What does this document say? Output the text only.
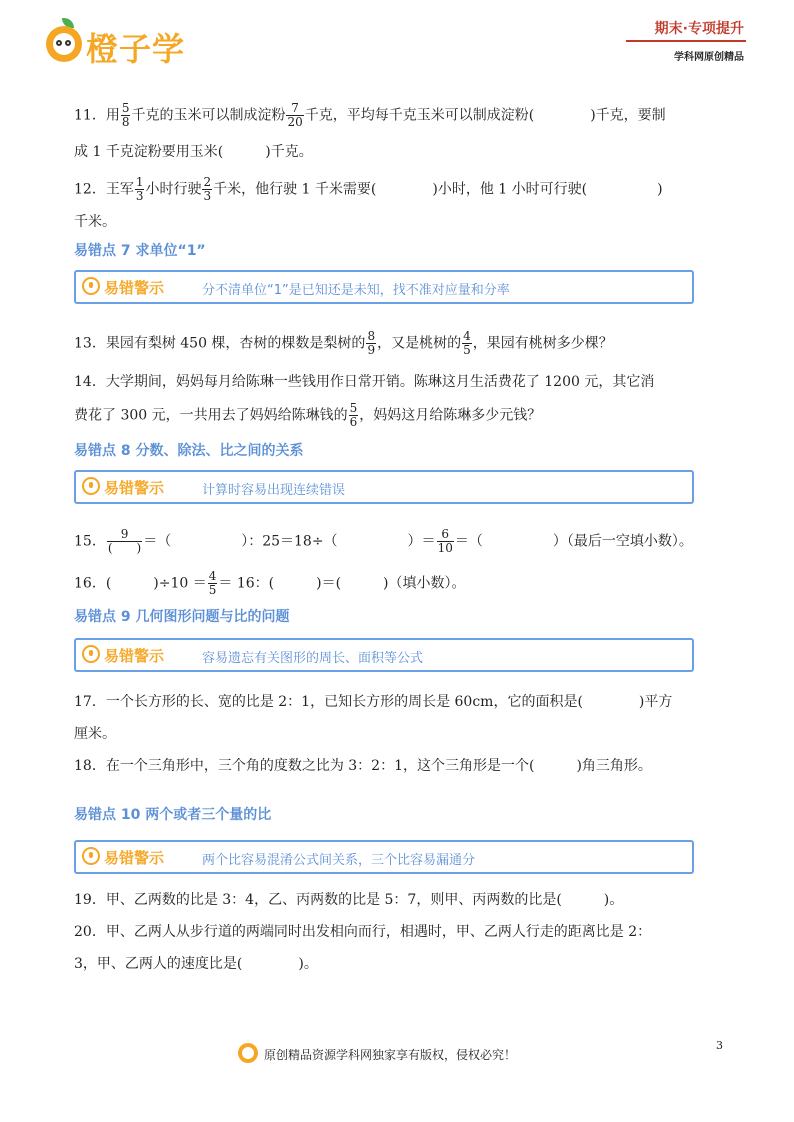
橙子学
期末·专项提升
学科网原创精品
11．用 $\frac{5}{8}$ 千克的玉米可以制成淀粉 $\frac{7}{20}$ 千克，平均每千克玉米可以制成淀粉(　　　　)千克，要制
成 1 千克淀粉要用玉米(　　　)千克。
12．王军 $\frac{1}{3}$ 小时行驶 $\frac{2}{3}$ 千米，他行驶 1 千米需要(　　　　)小时，他 1 小时可行驶(　　　　　)
千米。
易错点 7 求单位“1”
易错警示	分不清单位“1”是已知还是未知，找不准对应量和分率
13．果园有梨树 450 棵，杏树的棵数是梨树的 $\frac{8}{9}$ ，又是桃树的 $\frac{4}{5}$ ，果园有桃树多少棵？
14．大学期间，妈妈每月给陈琳一些钱用作日常开销。陈琳这月生活费花了 1200 元，其它消
费花了 300 元，一共用去了妈妈给陈琳钱的 $\frac{5}{6}$ ，妈妈这月给陈琳多少元钱？
易错点 8 分数、除法、比之间的关系
易错警示	计算时容易出现连续错误
15． $\frac{9}{( )}$ ＝（　　　　　）：25＝18÷（　　　　　）＝ $\frac{6}{10}$ ＝（　　　　　）（最后一空填小数）。
16．(　　　)$\div 10 = \frac{4}{5} = 16$：(　　　)＝(　　　)（填小数）。
易错点 9 几何图形问题与比的问题
易错警示	容易遗忘有关图形的周长、面积等公式
17．一个长方形的长、宽的比是 2：1，已知长方形的周长是 60cm，它的面积是(　　　　)平方
厘米。
18．在一个三角形中，三个角的度数之比为 3：2：1，这个三角形是一个(　　　)角三角形。
易错点 10 两个或者三个量的比
易错警示	两个比容易混淆公式间关系，三个比容易漏通分
19．甲、乙两数的比是 3：4，乙、丙两数的比是 5：7，则甲、丙两数的比是(　　　)。
20．甲、乙两人从步行道的两端同时出发相向而行，相遇时，甲、乙两人行走的距离比是 2：
3，甲、乙两人的速度比是(　　　　)。
3
原创精品资源学科网独家享有版权，侵权必究！
